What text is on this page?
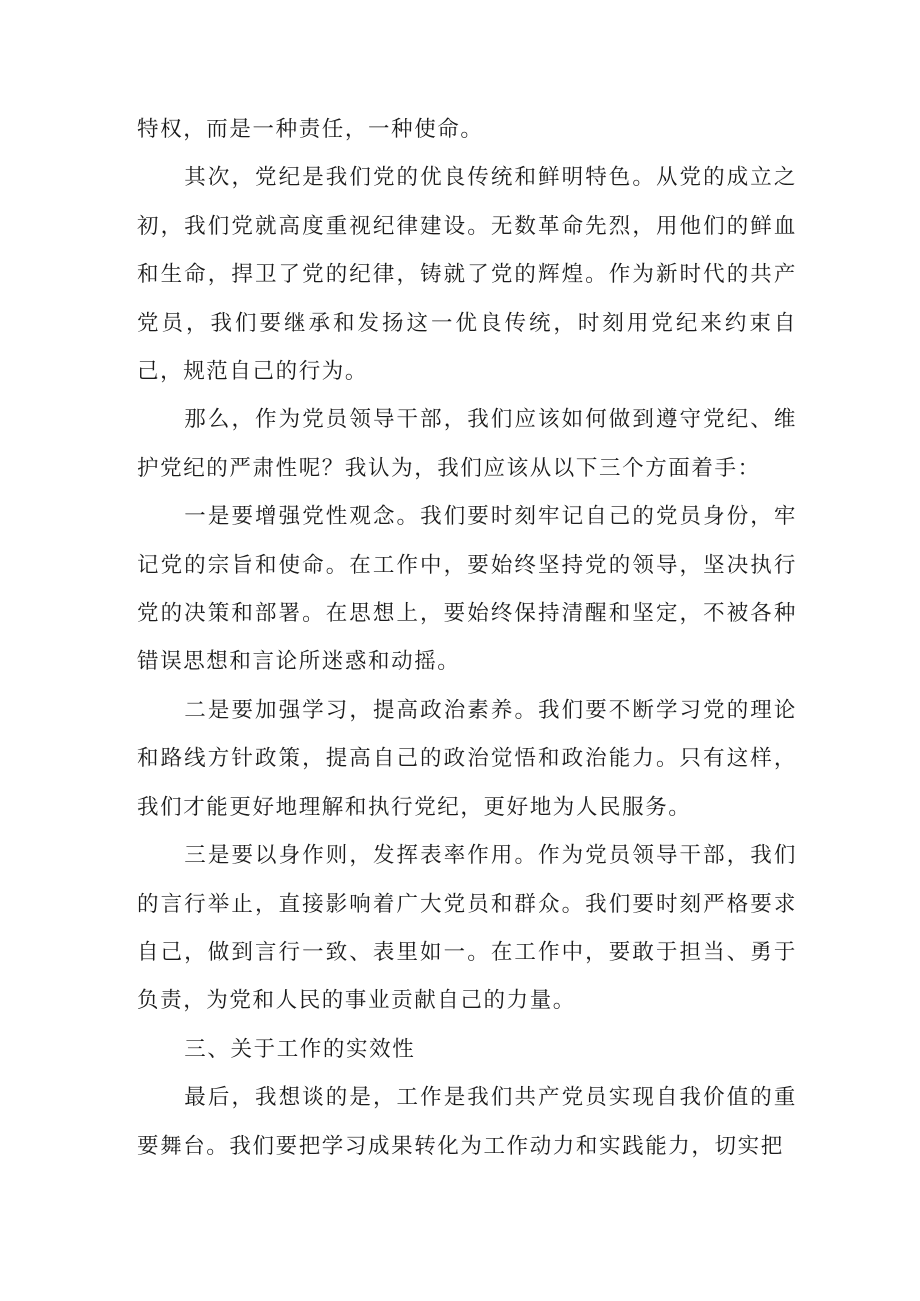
特权，而是一种责任，一种使命。

其次，党纪是我们党的优良传统和鲜明特色。从党的成立之初，我们党就高度重视纪律建设。无数革命先烈，用他们的鲜血和生命，捍卫了党的纪律，铸就了党的辉煌。作为新时代的共产党员，我们要继承和发扬这一优良传统，时刻用党纪来约束自己，规范自己的行为。

那么，作为党员领导干部，我们应该如何做到遵守党纪、维护党纪的严肃性呢？我认为，我们应该从以下三个方面着手：

一是要增强党性观念。我们要时刻牢记自己的党员身份，牢记党的宗旨和使命。在工作中，要始终坚持党的领导，坚决执行党的决策和部署。在思想上，要始终保持清醒和坚定，不被各种错误思想和言论所迷惑和动摇。

二是要加强学习，提高政治素养。我们要不断学习党的理论和路线方针政策，提高自己的政治觉悟和政治能力。只有这样，我们才能更好地理解和执行党纪，更好地为人民服务。

三是要以身作则，发挥表率作用。作为党员领导干部，我们的言行举止，直接影响着广大党员和群众。我们要时刻严格要求自己，做到言行一致、表里如一。在工作中，要敢于担当、勇于负责，为党和人民的事业贡献自己的力量。

三、关于工作的实效性

最后，我想谈的是，工作是我们共产党员实现自我价值的重要舞台。我们要把学习成果转化为工作动力和实践能力，切实把
